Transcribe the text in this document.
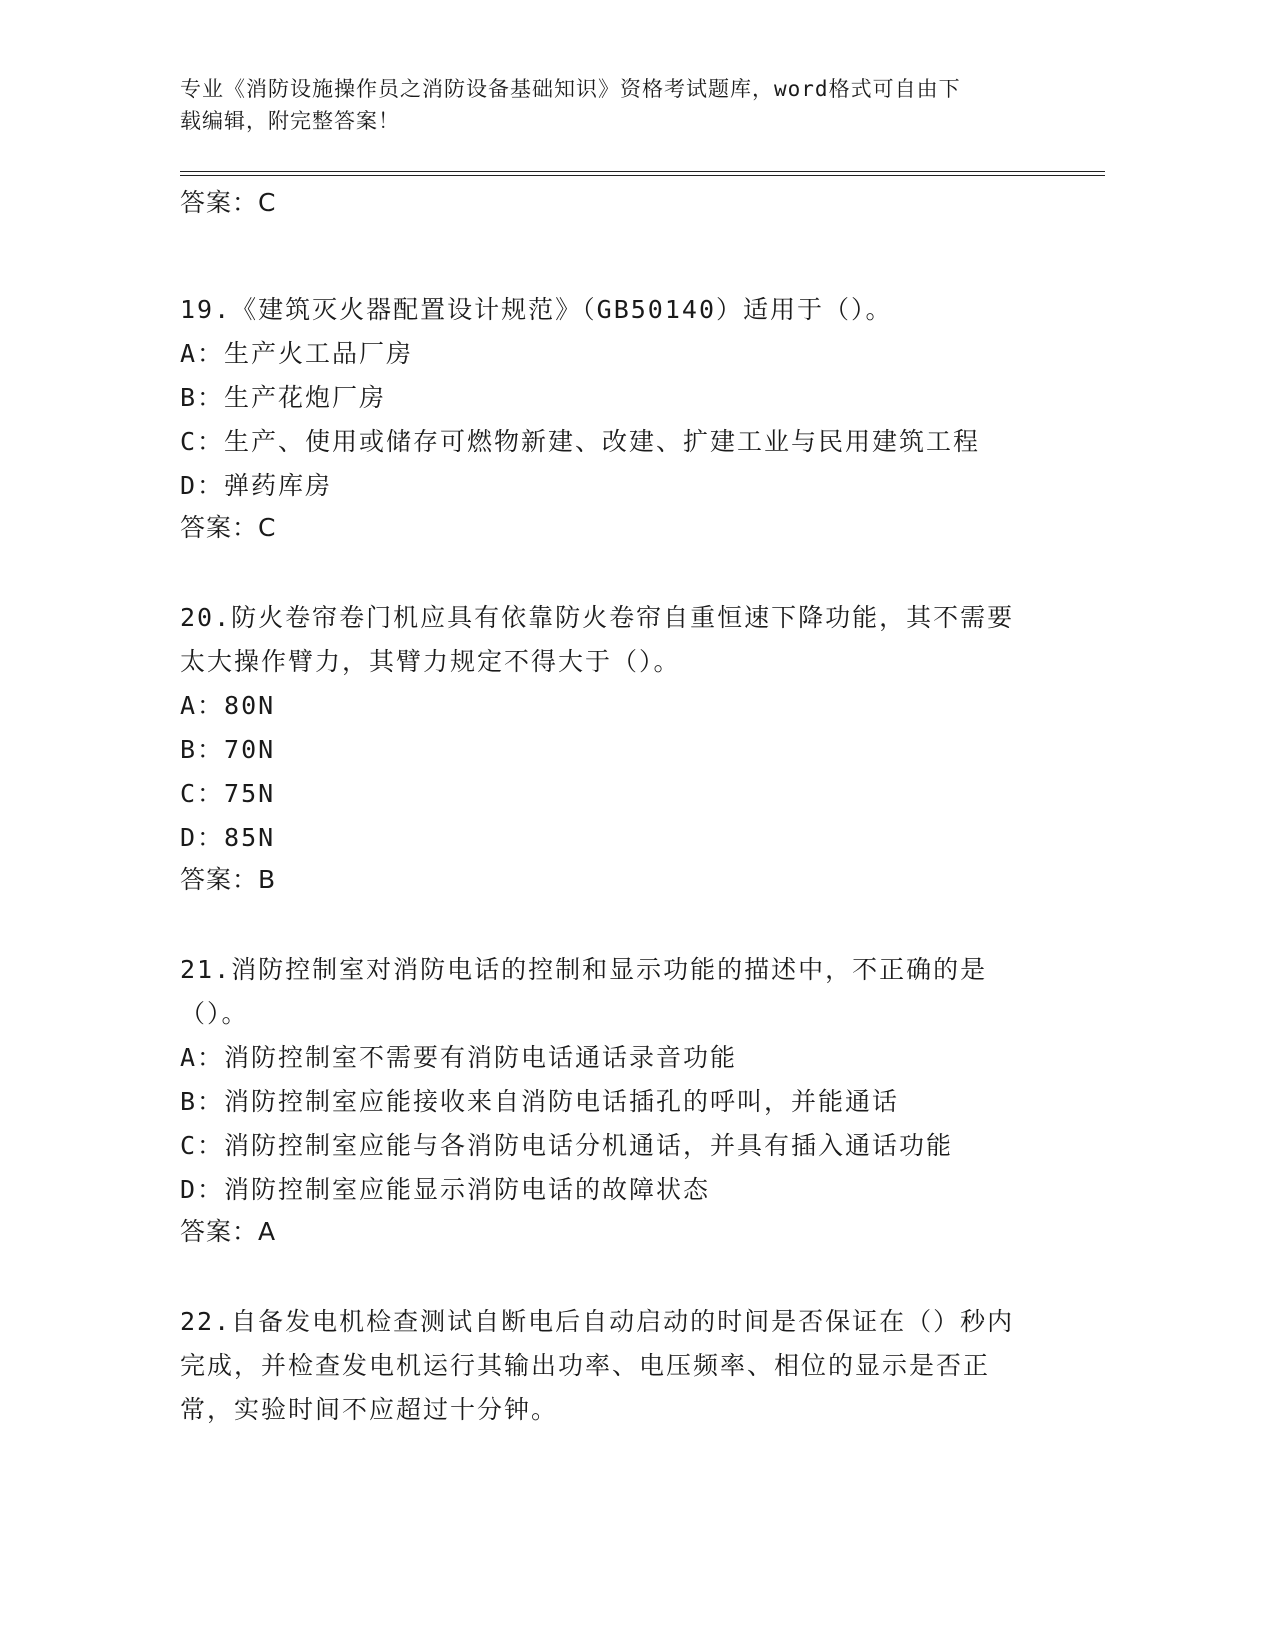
专业《消防设施操作员之消防设备基础知识》资格考试题库，word格式可自由下
载编辑，附完整答案！
答案：C
19.《建筑灭火器配置设计规范》（GB50140）适用于（）。
A：生产火工品厂房
B：生产花炮厂房
C：生产、使用或储存可燃物新建、改建、扩建工业与民用建筑工程
D：弹药库房
答案：C
20.防火卷帘卷门机应具有依靠防火卷帘自重恒速下降功能，其不需要太大操作臂力，其臂力规定不得大于（）。
A：80N
B：70N
C：75N
D：85N
答案：B
21.消防控制室对消防电话的控制和显示功能的描述中，不正确的是（）。
A：消防控制室不需要有消防电话通话录音功能
B：消防控制室应能接收来自消防电话插孔的呼叫，并能通话
C：消防控制室应能与各消防电话分机通话，并具有插入通话功能
D：消防控制室应能显示消防电话的故障状态
答案：A
22.自备发电机检查测试自断电后自动启动的时间是否保证在（）秒内完成，并检查发电机运行其输出功率、电压频率、相位的显示是否正常，实验时间不应超过十分钟。
